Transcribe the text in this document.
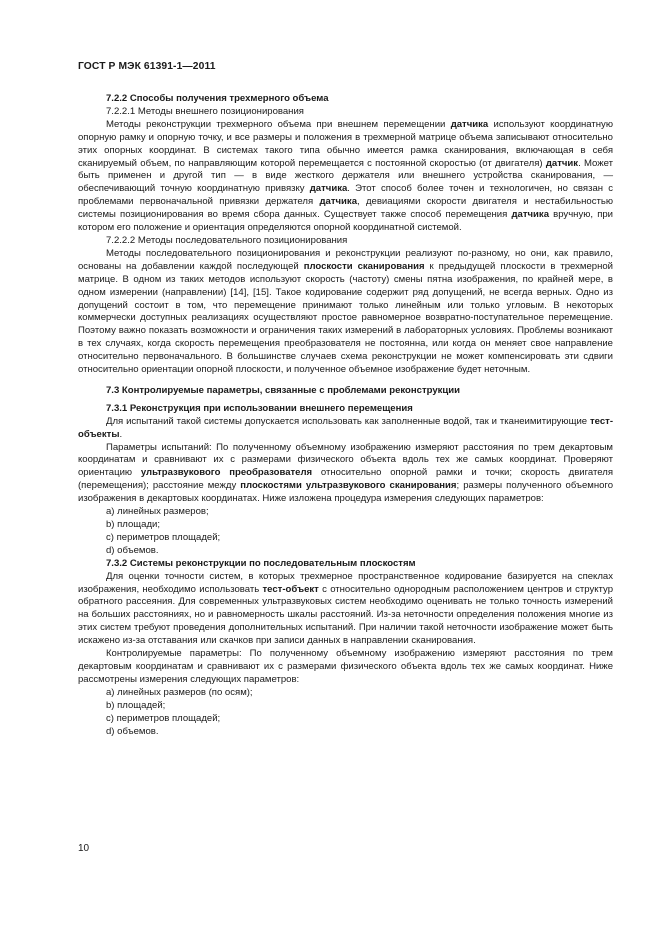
ГОСТ Р МЭК 61391-1—2011

7.2.2 Способы получения трехмерного объема

7.2.2.1 Методы внешнего позиционирования

Методы реконструкции трехмерного объема при внешнем перемещении датчика используют координатную опорную рамку и опорную точку, и все размеры и положения в трехмерной матрице объема записывают относительно этих опорных координат. В системах такого типа обычно имеется рамка сканирования, включающая в себя сканируемый объем, по направляющим которой перемещается с постоянной скоростью (от двигателя) датчик. Может быть применен и другой тип — в виде жесткого держателя или внешнего устройства сканирования, — обеспечивающий точную координатную привязку датчика. Этот способ более точен и технологичен, но связан с проблемами первоначальной привязки держателя датчика, девиациями скорости двигателя и нестабильностью системы позиционирования во время сбора данных. Существует также способ перемещения датчика вручную, при котором его положение и ориентация определяются опорной координатной системой.

7.2.2.2 Методы последовательного позиционирования

Методы последовательного позиционирования и реконструкции реализуют по-разному, но они, как правило, основаны на добавлении каждой последующей плоскости сканирования к предыдущей плоскости в трехмерной матрице. В одном из таких методов используют скорость (частоту) смены пятна изображения, по крайней мере, в одном измерении (направлении) [14], [15]. Такое кодирование содержит ряд допущений, не всегда верных. Одно из допущений состоит в том, что перемещение принимают только линейным или только угловым. В некоторых коммерчески доступных реализациях осуществляют простое равномерное возвратно-поступательное перемещение. Поэтому важно показать возможности и ограничения таких измерений в лабораторных условиях. Проблемы возникают в тех случаях, когда скорость перемещения преобразователя не постоянна, или когда он меняет свое направление относительно первоначального. В большинстве случаев схема реконструкции не может компенсировать эти сдвиги относительно ориентации опорной плоскости, и полученное объемное изображение будет неточным.

7.3 Контролируемые параметры, связанные с проблемами реконструкции

7.3.1 Реконструкция при использовании внешнего перемещения

Для испытаний такой системы допускается использовать как заполненные водой, так и тканеимитирующие тест-объекты.

Параметры испытаний: По полученному объемному изображению измеряют расстояния по трем декартовым координатам и сравнивают их с размерами физического объекта вдоль тех же самых координат. Проверяют ориентацию ультразвукового преобразователя относительно опорной рамки и точки; скорость двигателя (перемещения); расстояние между плоскостями ультразвукового сканирования; размеры полученного объемного изображения в декартовых координатах. Ниже изложена процедура измерения следующих параметров:

a) линейных размеров;

b) площади;

c) периметров площадей;

d) объемов.

7.3.2 Системы реконструкции по последовательным плоскостям

Для оценки точности систем, в которых трехмерное пространственное кодирование базируется на спеклах изображения, необходимо использовать тест-объект с относительно однородным расположением центров и структур обратного рассеяния. Для современных ультразвуковых систем необходимо оценивать не только точность измерений на больших расстояниях, но и равномерность шкалы расстояний. Из-за неточности определения положения многие из этих систем требуют проведения дополнительных испытаний. При наличии такой неточности изображение может быть искажено из-за отставания или скачков при записи данных в направлении сканирования.

Контролируемые параметры: По полученному объемному изображению измеряют расстояния по трем декартовым координатам и сравнивают их с размерами физического объекта вдоль тех же самых координат. Ниже рассмотрены измерения следующих параметров:

a) линейных размеров (по осям);

b) площадей;

c) периметров площадей;

d) объемов.

10
